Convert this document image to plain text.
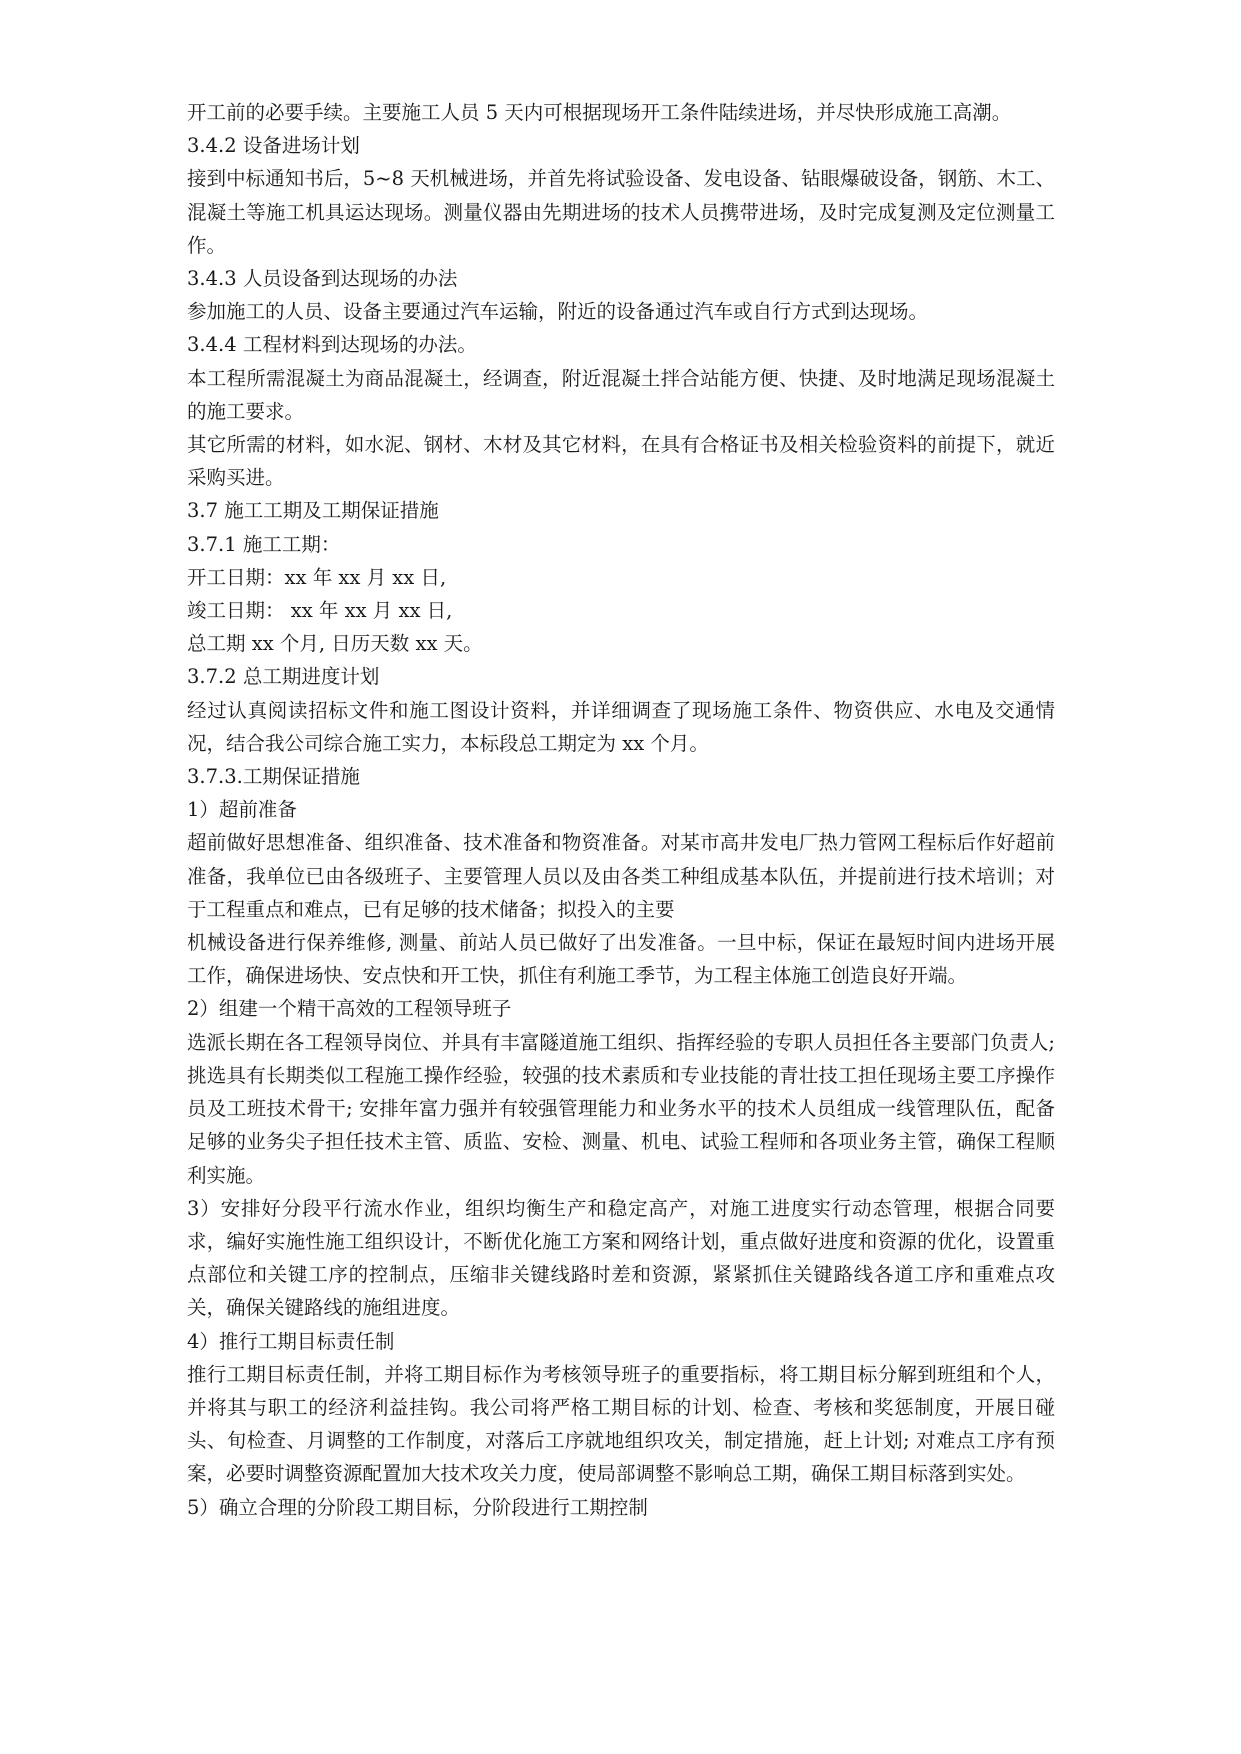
开工前的必要手续。主要施工人员 5 天内可根据现场开工条件陆续进场，并尽快形成施工高潮。

3.4.2 设备进场计划

接到中标通知书后，5~8 天机械进场，并首先将试验设备、发电设备、钻眼爆破设备，钢筋、木工、混凝土等施工机具运达现场。测量仪器由先期进场的技术人员携带进场，及时完成复测及定位测量工作。

3.4.3 人员设备到达现场的办法

参加施工的人员、设备主要通过汽车运输，附近的设备通过汽车或自行方式到达现场。

3.4.4 工程材料到达现场的办法。

本工程所需混凝土为商品混凝土，经调查，附近混凝土拌合站能方便、快捷、及时地满足现场混凝土的施工要求。

其它所需的材料，如水泥、钢材、木材及其它材料，在具有合格证书及相关检验资料的前提下，就近采购买进。

3.7 施工工期及工期保证措施

3.7.1 施工工期：

开工日期：xx 年 xx 月 xx 日,

竣工日期： xx 年 xx 月 xx 日,

总工期 xx 个月, 日历天数 xx 天。

3.7.2 总工期进度计划

经过认真阅读招标文件和施工图设计资料，并详细调查了现场施工条件、物资供应、水电及交通情况，结合我公司综合施工实力，本标段总工期定为 xx 个月。

3.7.3.工期保证措施

1）超前准备

超前做好思想准备、组织准备、技术准备和物资准备。对某市高井发电厂热力管网工程标后作好超前准备，我单位已由各级班子、主要管理人员以及由各类工种组成基本队伍，并提前进行技术培训；对于工程重点和难点，已有足够的技术储备；拟投入的主要

机械设备进行保养维修, 测量、前站人员已做好了出发准备。一旦中标，保证在最短时间内进场开展工作，确保进场快、安点快和开工快，抓住有利施工季节，为工程主体施工创造良好开端。

2）组建一个精干高效的工程领导班子

选派长期在各工程领导岗位、并具有丰富隧道施工组织、指挥经验的专职人员担任各主要部门负责人; 挑选具有长期类似工程施工操作经验，较强的技术素质和专业技能的青壮技工担任现场主要工序操作员及工班技术骨干; 安排年富力强并有较强管理能力和业务水平的技术人员组成一线管理队伍，配备足够的业务尖子担任技术主管、质监、安检、测量、机电、试验工程师和各项业务主管，确保工程顺利实施。

3）安排好分段平行流水作业，组织均衡生产和稳定高产，对施工进度实行动态管理，根据合同要求，编好实施性施工组织设计，不断优化施工方案和网络计划，重点做好进度和资源的优化，设置重点部位和关键工序的控制点，压缩非关键线路时差和资源，紧紧抓住关键路线各道工序和重难点攻关，确保关键路线的施组进度。

4）推行工期目标责任制

推行工期目标责任制，并将工期目标作为考核领导班子的重要指标，将工期目标分解到班组和个人，并将其与职工的经济利益挂钩。我公司将严格工期目标的计划、检查、考核和奖惩制度，开展日碰头、旬检查、月调整的工作制度，对落后工序就地组织攻关，制定措施，赶上计划; 对难点工序有预案，必要时调整资源配置加大技术攻关力度，使局部调整不影响总工期，确保工期目标落到实处。

5）确立合理的分阶段工期目标，分阶段进行工期控制
